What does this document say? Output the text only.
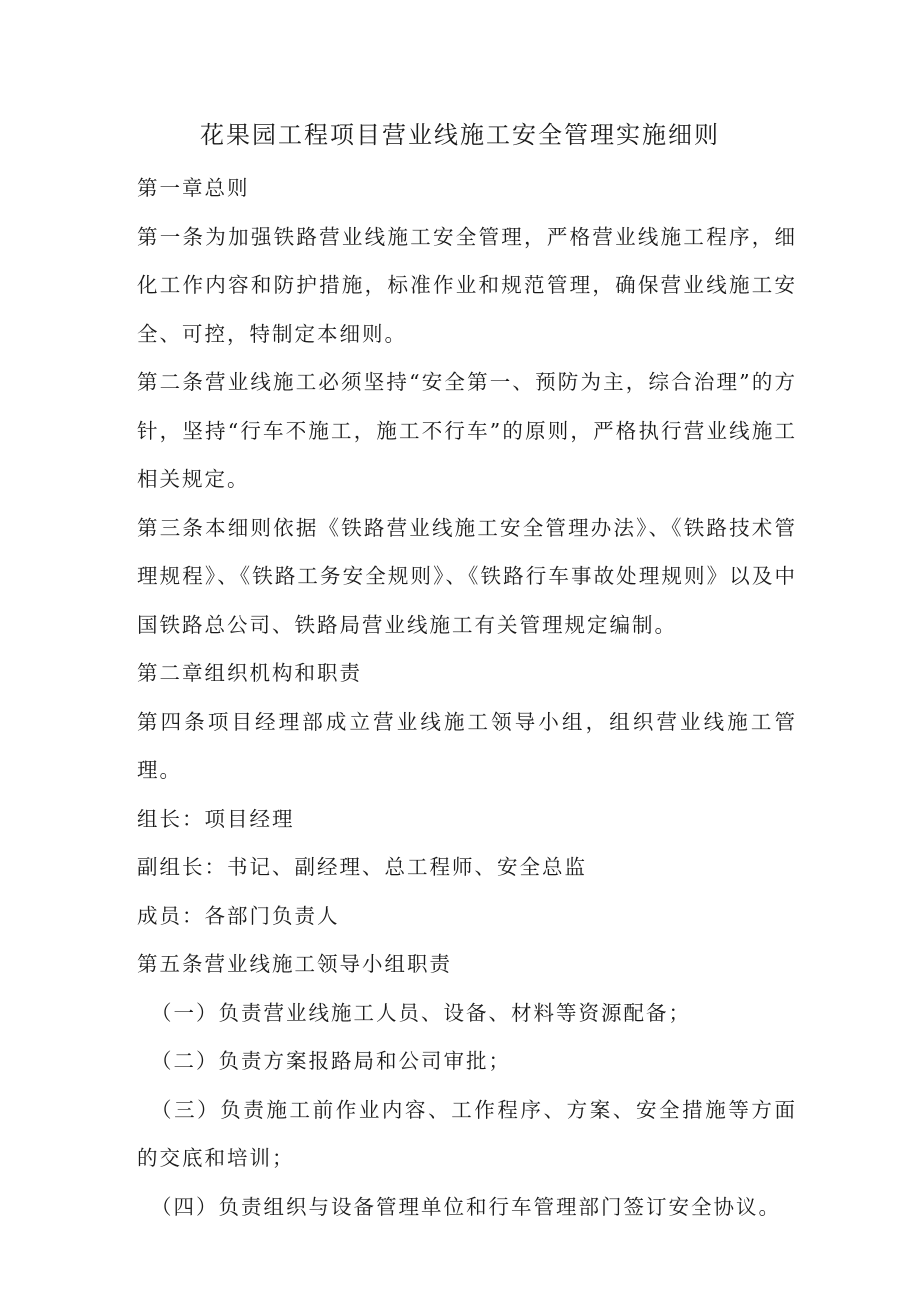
花果园工程项目营业线施工安全管理实施细则

第一章总则

第一条为加强铁路营业线施工安全管理，严格营业线施工程序，细化工作内容和防护措施，标准作业和规范管理，确保营业线施工安全、可控，特制定本细则。

第二条营业线施工必须坚持“安全第一、预防为主，综合治理”的方针，坚持“行车不施工，施工不行车”的原则，严格执行营业线施工相关规定。

第三条本细则依据《铁路营业线施工安全管理办法》、《铁路技术管理规程》、《铁路工务安全规则》、《铁路行车事故处理规则》以及中国铁路总公司、铁路局营业线施工有关管理规定编制。

第二章组织机构和职责

第四条项目经理部成立营业线施工领导小组，组织营业线施工管理。

组长：项目经理

副组长：书记、副经理、总工程师、安全总监

成员：各部门负责人

第五条营业线施工领导小组职责

（一）负责营业线施工人员、设备、材料等资源配备；

（二）负责方案报路局和公司审批；

（三）负责施工前作业内容、工作程序、方案、安全措施等方面的交底和培训；

（四）负责组织与设备管理单位和行车管理部门签订安全协议。
